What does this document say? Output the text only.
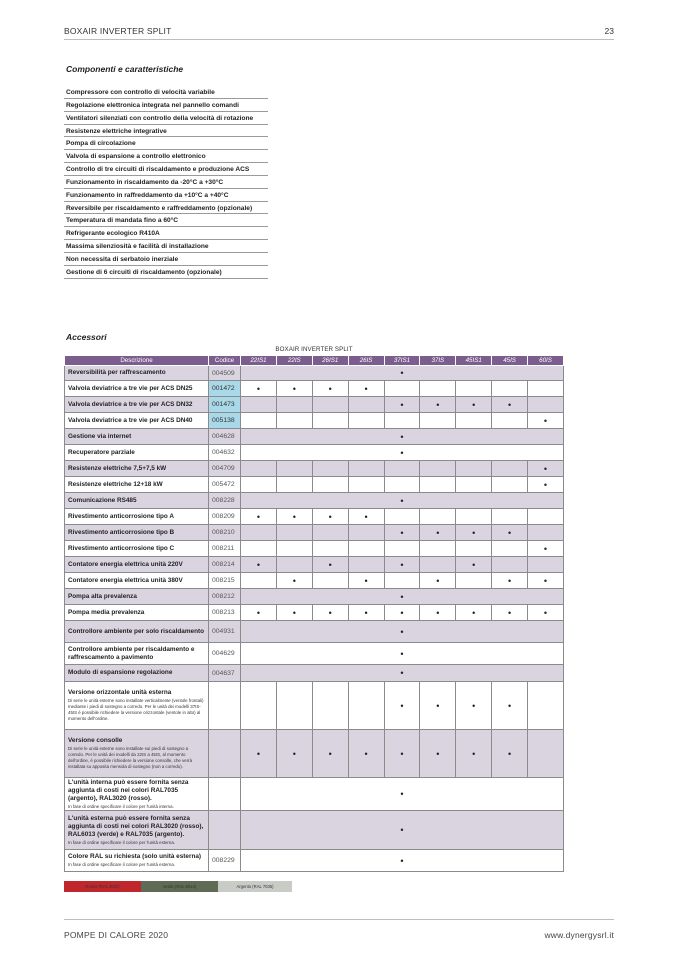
BOXAIR INVERTER SPLIT	23
Componenti e caratteristiche
Compressore con controllo di velocità variabile
Regolazione elettronica integrata nel pannello comandi
Ventilatori silenziati con controllo della velocità di rotazione
Resistenze elettriche integrative
Pompa di circolazione
Valvola di espansione a controllo elettronico
Controllo di tre circuiti di riscaldamento e produzione ACS
Funzionamento in riscaldamento da -20°C a +30°C
Funzionamento in raffreddamento da +10°C a +40°C
Reversibile per riscaldamento e raffreddamento (opzionale)
Temperatura di mandata fino a 60°C
Refrigerante ecologico R410A
Massima silenziosità e facilità di installazione
Non necessita di serbatoio inerziale
Gestione di 6 circuiti di riscaldamento (opzionale)
Accessori
BOXAIR INVERTER SPLIT
Descrizione	Codice	22IS1	22IS	26IS1	26IS	37IS1	37IS	45IS1	45IS	60IS
Reversibilità per raffrescamento	004509	•								
Valvola deviatrice a tre vie per ACS DN25	001472	•	•	•	•					
Valvola deviatrice a tre vie per ACS DN32	001473					•	•	•	•	
Valvola deviatrice a tre vie per ACS DN40	005138									•
Gestione via internet	004628	•								
Recuperatore parziale	004632	•								
Resistenze elettriche 7,5+7,5 kW	004709									•
Resistenze elettriche 12+18 kW	005472									•
Comunicazione RS485	008228	•								
Rivestimento anticorrosione tipo A	008209	•	•	•	•					
Rivestimento anticorrosione tipo B	008210					•	•	•	•	
Rivestimento anticorrosione tipo C	008211									•
Contatore energia elettrica unità 220V	008214	•		•		•		•		
Contatore energia elettrica unità 380V	008215		•		•		•		•	•
Pompa alta prevalenza	008212	•								
Pompa media prevalenza	008213	•	•	•	•	•	•	•	•	•
Controllore ambiente per solo riscaldamento	004931	•								
Controllore ambiente per riscaldamento e raffrescamento a pavimento	004629	•								
Modulo di espansione regolazione	004637	•								
Versione orizzontale unità esterna
Di serie le unità esterne sono installate verticalmente (ventole frontali) mediante i piedi di sostegno a corredo. Per le unità dei modelli 37IS-45IS è possibile richiedere la versione orizzontale (ventole in alto) al momento dell'ordine.						•	•	•	•	
Versione consolle
Di serie le unità esterne sono installate sui piedi di sostegno a corredo. Per le unità dei modelli da 22IS a 45IS, al momento dell'ordine, è possibile richiedere la versione consolle, che verrà installata su apposita mensola di sostegno (non a corredo).		•	•	•	•	•	•	•	•	
L'unità interna può essere fornita senza aggiunta di costi nei colori RAL7035 (argento), RAL3020 (rosso).
In fase di ordine specificare il colore per l'unità interna.		•								
L'unità esterna può essere fornita senza aggiunta di costi nei colori RAL3020 (rosso), RAL6013 (verde) e RAL7035 (argento).
In fase di ordine specificare il colore per l'unità esterna.		•								
Colore RAL su richiesta (solo unità esterna)
In fase di ordine specificare il colore per l'unità esterna.	008229	•								
Rosso (RAL 3020)	Verde (RAL 6013)	Argento (RAL 7035)
POMPE DI CALORE 2020	www.dynergysrl.it
